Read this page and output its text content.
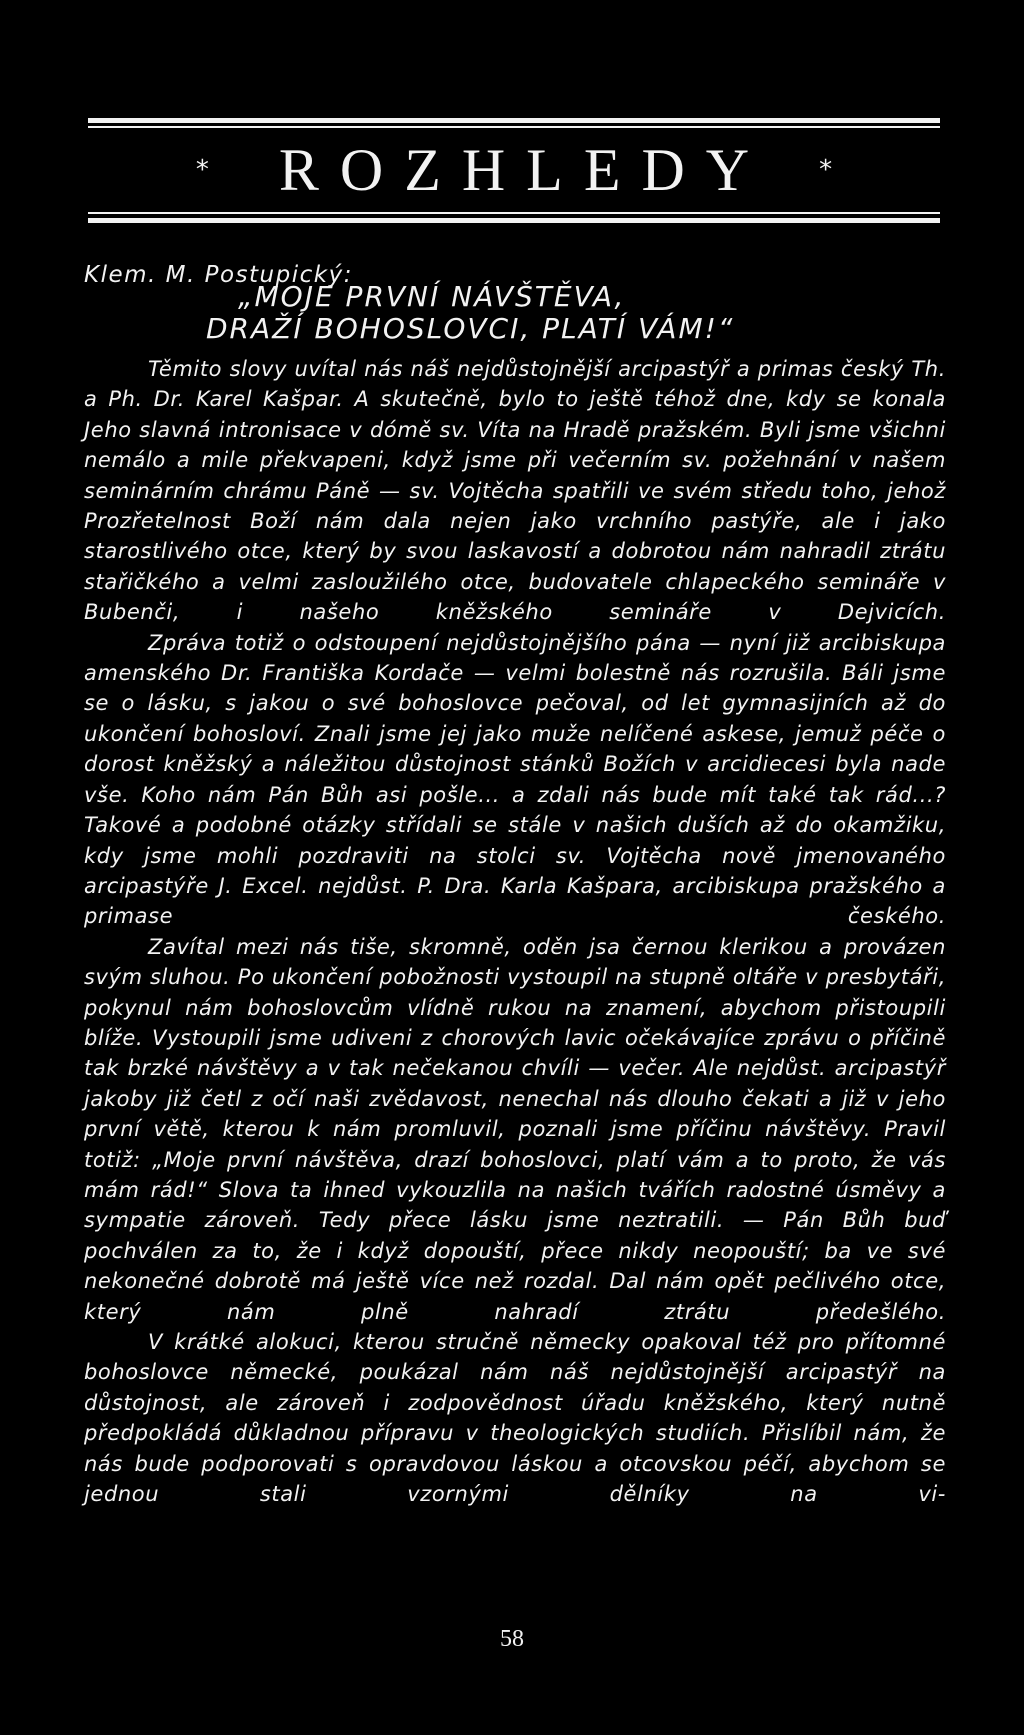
* ROZHLEDY *
Klem. M. Postupický:
„MOJE PRVNÍ NÁVŠTĚVA,
DRAŽÍ BOHOSLOVCI, PLATÍ VÁM!“

Těmito slovy uvítal nás náš nejdůstojnější arcipastýř a primas český Th. a Ph. Dr. Karel Kašpar. A skutečně, bylo to ještě téhož dne, kdy se konala Jeho slavná intronisace v dómě sv. Víta na Hradě pražském. Byli jsme všichni nemálo a mile překvapeni, když jsme při večerním sv. požehnání v našem seminárním chrámu Páně — sv. Vojtěcha spatřili ve svém středu toho, jehož Prozřetelnost Boží nám dala nejen jako vrchního pastýře, ale i jako starostlivého otce, který by svou laskavostí a dobrotou nám nahradil ztrátu stařičkého a velmi zasloužilého otce, budovatele chlapeckého semináře v Bubenči, i našeho kněžského semináře v Dejvicích.

Zpráva totiž o odstoupení nejdůstojnějšího pána — nyní již arcibiskupa amenského Dr. Františka Kordače — velmi bolestně nás rozrušila. Báli jsme se o lásku, s jakou o své bohoslovce pečoval, od let gymnasijních až do ukončení bohosloví. Znali jsme jej jako muže nelíčené askese, jemuž péče o dorost kněžský a náležitou důstojnost stánků Božích v arcidiecesi byla nade vše. Koho nám Pán Bůh asi pošle... a zdali nás bude mít také tak rád...? Takové a podobné otázky střídali se stále v našich duších až do okamžiku, kdy jsme mohli pozdraviti na stolci sv. Vojtěcha nově jmenovaného arcipastýře J. Excel. nejdůst. P. Dra. Karla Kašpara, arcibiskupa pražského a primase českého.

Zavítal mezi nás tiše, skromně, oděn jsa černou klerikou a provázen svým sluhou. Po ukončení pobožnosti vystoupil na stupně oltáře v presbytáři, pokynul nám bohoslovcům vlídně rukou na znamení, abychom přistoupili blíže. Vystoupili jsme udiveni z chorových lavic očekávajíce zprávu o příčině tak brzké návštěvy a v tak nečekanou chvíli — večer. Ale nejdůst. arcipastýř jakoby již četl z očí naši zvědavost, nenechal nás dlouho čekati a již v jeho první větě, kterou k nám promluvil, poznali jsme příčinu návštěvy. Pravil totiž: „Moje první návštěva, drazí bohoslovci, platí vám a to proto, že vás mám rád!“ Slova ta ihned vykouzlila na našich tvářích radostné úsměvy a sympatie zároveň. Tedy přece lásku jsme neztratili. — Pán Bůh buď pochválen za to, že i když dopouští, přece nikdy neopouští; ba ve své nekonečné dobrotě má ještě více než rozdal. Dal nám opět pečlivého otce, který nám plně nahradí ztrátu předešlého.

V krátké alokuci, kterou stručně německy opakoval též pro přítomné bohoslovce německé, poukázal nám náš nejdůstojnější arcipastýř na důstojnost, ale zároveň i zodpovědnost úřadu kněžského, který nutně předpokládá důkladnou přípravu v theologických studiích. Přislíbil nám, že nás bude podporovati s opravdovou láskou a otcovskou péčí, abychom se jednou stali vzornými dělníky na vi-

58
